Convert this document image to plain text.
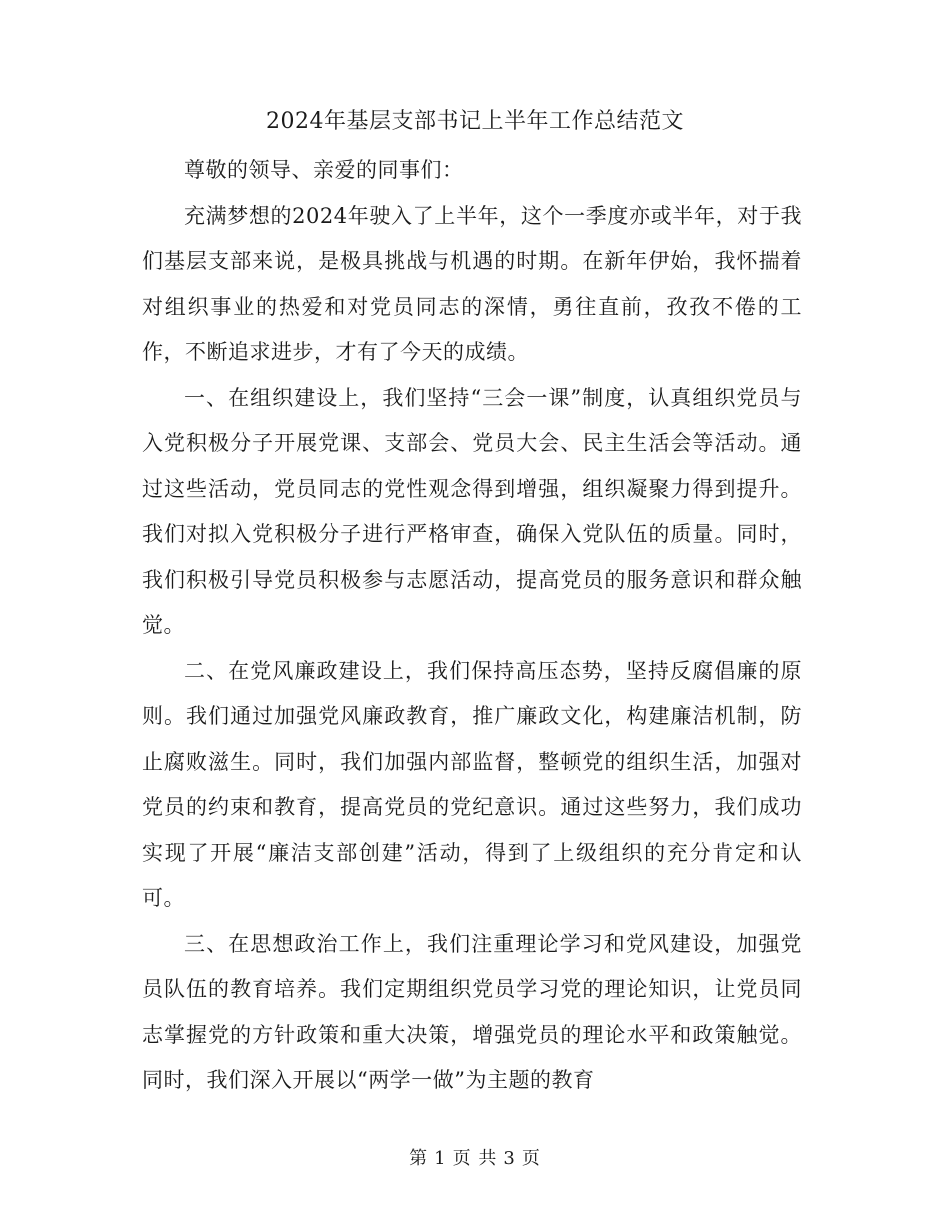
2024年基层支部书记上半年工作总结范文

尊敬的领导、亲爱的同事们：

充满梦想的2024年驶入了上半年，这个一季度亦或半年，对于我们基层支部来说，是极具挑战与机遇的时期。在新年伊始，我怀揣着对组织事业的热爱和对党员同志的深情，勇往直前，孜孜不倦的工作，不断追求进步，才有了今天的成绩。

一、在组织建设上，我们坚持“三会一课”制度，认真组织党员与入党积极分子开展党课、支部会、党员大会、民主生活会等活动。通过这些活动，党员同志的党性观念得到增强，组织凝聚力得到提升。我们对拟入党积极分子进行严格审查，确保入党队伍的质量。同时，我们积极引导党员积极参与志愿活动，提高党员的服务意识和群众触觉。

二、在党风廉政建设上，我们保持高压态势，坚持反腐倡廉的原则。我们通过加强党风廉政教育，推广廉政文化，构建廉洁机制，防止腐败滋生。同时，我们加强内部监督，整顿党的组织生活，加强对党员的约束和教育，提高党员的党纪意识。通过这些努力，我们成功实现了开展“廉洁支部创建”活动，得到了上级组织的充分肯定和认可。

三、在思想政治工作上，我们注重理论学习和党风建设，加强党员队伍的教育培养。我们定期组织党员学习党的理论知识，让党员同志掌握党的方针政策和重大决策，增强党员的理论水平和政策触觉。同时，我们深入开展以“两学一做”为主题的教育

第 1 页 共 3 页
